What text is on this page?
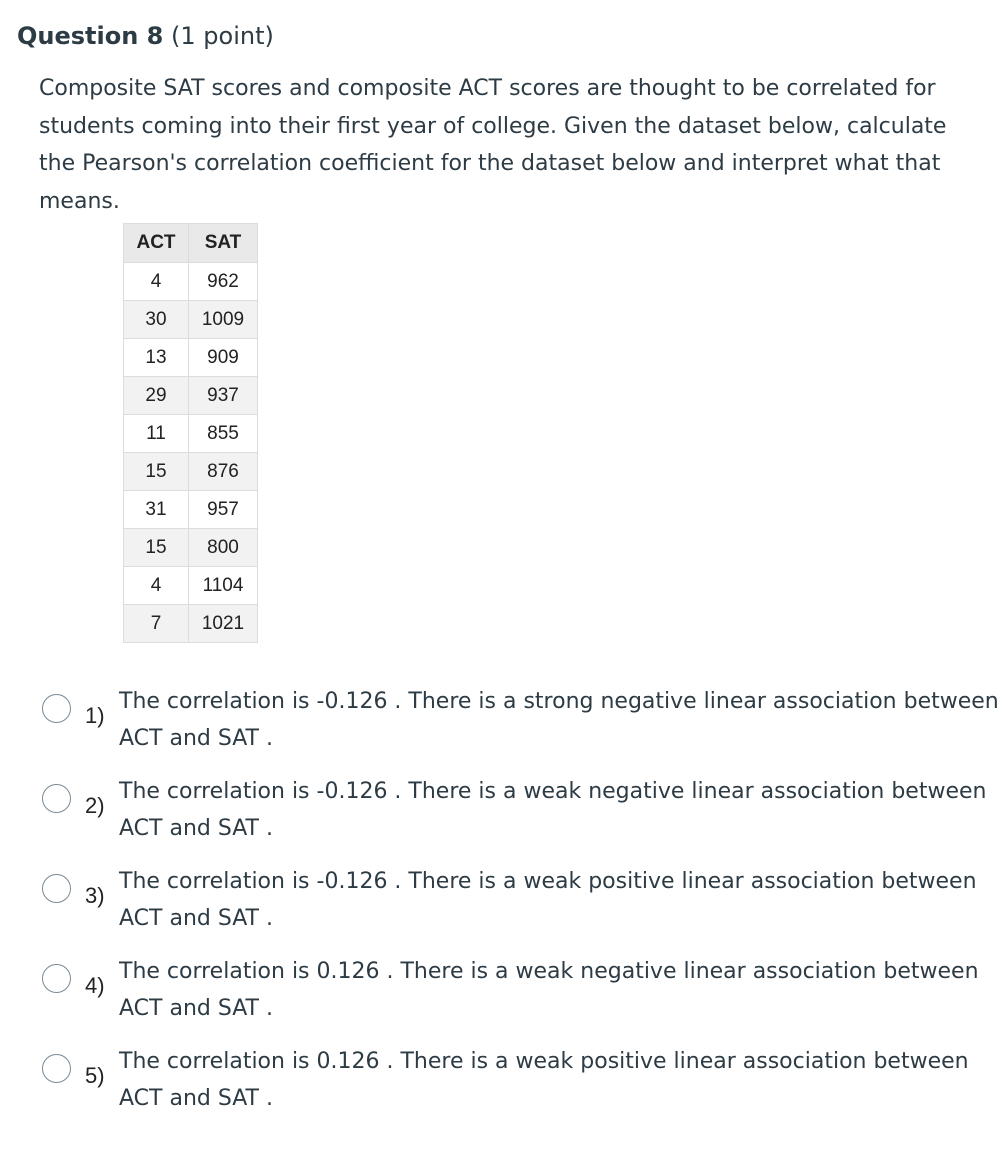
Question 8 (1 point)
Composite SAT scores and composite ACT scores are thought to be correlated for students coming into their first year of college. Given the dataset below, calculate the Pearson's correlation coefficient for the dataset below and interpret what that means.
ACT	SAT
4	962
30	1009
13	909
29	937
11	855
15	876
31	957
15	800
4	1104
7	1021
1)
The correlation is -0.126 . There is a strong negative linear association between ACT and SAT .
2)
The correlation is -0.126 . There is a weak negative linear association between ACT and SAT .
3)
The correlation is -0.126 . There is a weak positive linear association between ACT and SAT .
4)
The correlation is 0.126 . There is a weak negative linear association between ACT and SAT .
5)
The correlation is 0.126 . There is a weak positive linear association between ACT and SAT .
